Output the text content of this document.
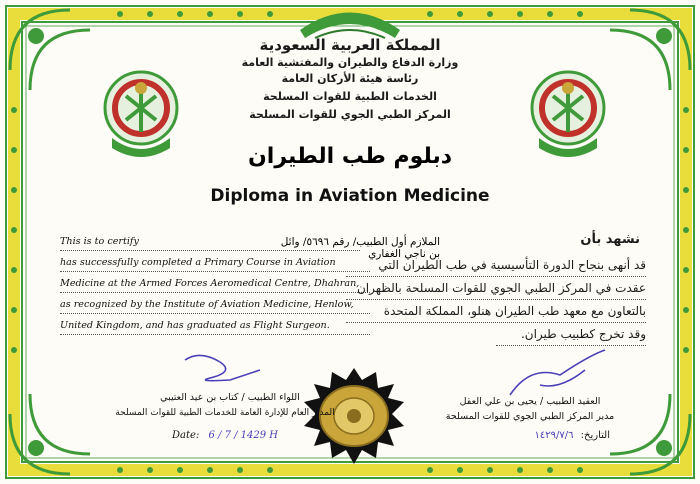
المملكة العربية السعودية
وزارة الدفاع والطيران والمفتشية العامة
رئاسة هيئة الأركان العامة
الخدمات الطبية للقوات المسلحة
المركز الطبي الجوي للقوات المسلحة
دبلوم طب الطيران
Diploma in Aviation Medicine
This is to certify
has successfully completed a Primary Course in Aviation
Medicine at the Armed Forces Aeromedical Centre, Dhahran,
as recognized by the Institute of Aviation Medicine, Henlow,
United Kingdom, and has graduated as Flight Surgeon.
نشهد بأن
الملازم أول الطبيب/ رقم ٥٦٩٦/ وائل بن ناجي الغفاري
قد أنهى بنجاح الدورة التأسيسية في طب الطيران التي
عقدت في المركز الطبي الجوي للقوات المسلحة بالظهران
بالتعاون مع معهد طب الطيران هنلو، المملكة المتحدة
وقد تخرج كطبيب طيران.
اللواء الطبيب / كتاب بن عيد العتيبي
المدير العام للإدارة العامة للخدمات الطبية للقوات المسلحة
Date: 6 / 7 / 1429 H
العقيد الطبيب / يحيى بن علي العقل
مدير المركز الطبي الجوي للقوات المسلحة
التاريخ: ١٤٢٩/٧/٦
